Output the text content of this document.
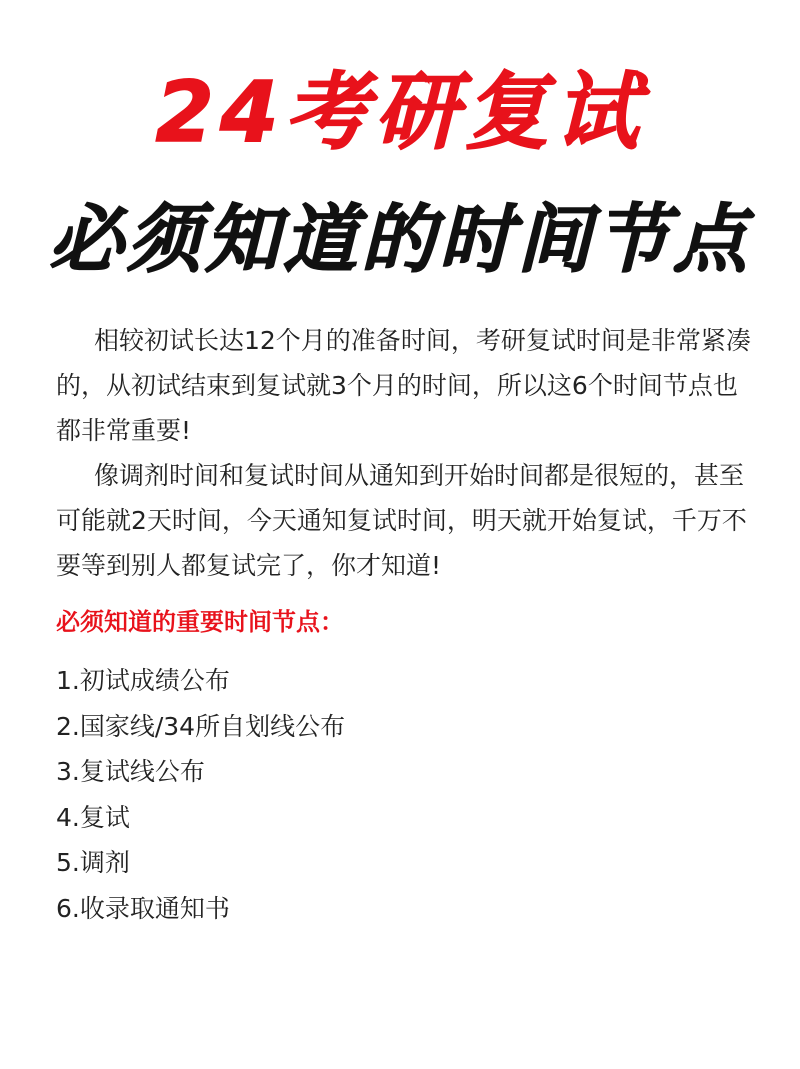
24考研复试
必须知道的时间节点

相较初试长达12个月的准备时间，考研复试时间是非常紧凑的，从初试结束到复试就3个月的时间，所以这6个时间节点也都非常重要!

像调剂时间和复试时间从通知到开始时间都是很短的，甚至可能就2天时间，今天通知复试时间，明天就开始复试，千万不要等到别人都复试完了，你才知道!

必须知道的重要时间节点：
1.初试成绩公布
2.国家线/34所自划线公布
3.复试线公布
4.复试
5.调剂
6.收录取通知书
